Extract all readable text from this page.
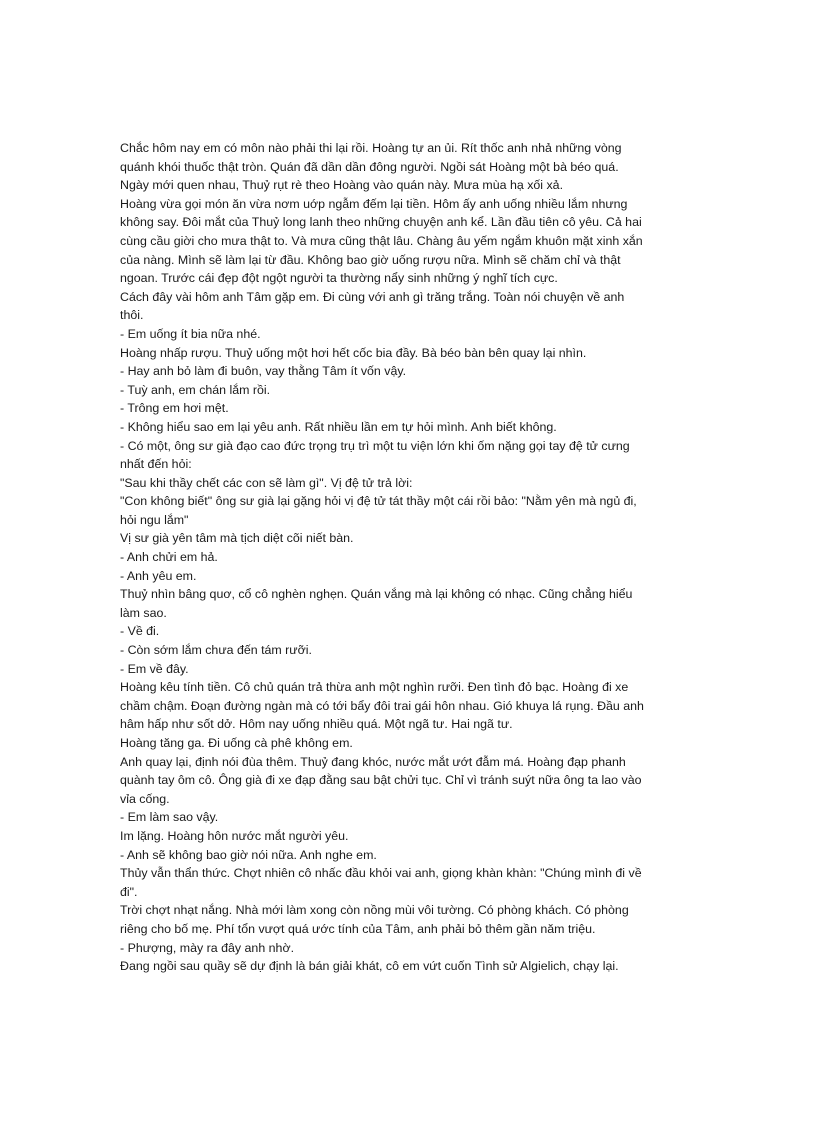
Chắc hôm nay em có môn nào phải thi lại rồi. Hoàng tự an ủi. Rít thốc anh nhả những vòng

quánh khói thuốc thật tròn. Quán đã dần dần đông người. Ngồi sát Hoàng một bà béo quá.

Ngày mới quen nhau, Thuỷ rụt rè theo Hoàng vào quán này. Mưa mùa hạ xối xả.

Hoàng vừa gọi món ăn vừa nơm uớp ngẫm đếm lại tiền. Hôm ấy anh uống nhiều lắm nhưng

không say. Đôi mắt của Thuỷ long lanh theo những chuyện anh kể. Lần đầu tiên cô yêu. Cả hai

cùng cầu giời cho mưa thật to. Và mưa cũng thật lâu. Chàng âu yếm ngắm khuôn mặt xinh xắn

của nàng. Mình sẽ làm lại từ đầu. Không bao giờ uống rượu nữa. Mình sẽ chăm chỉ và thật

ngoan. Trước cái đẹp đột ngột người ta thường nẩy sinh những ý nghĩ tích cực.

Cách đây vài hôm anh Tâm gặp em. Đi cùng với anh gì trăng trắng. Toàn nói chuyện về anh

thôi.

- Em uống ít bia nữa nhé.

Hoàng nhấp rượu. Thuỷ uống một hơi hết cốc bia đầy. Bà béo bàn bên quay lại nhìn.

- Hay anh bỏ làm đi buôn, vay thằng Tâm ít vốn vậy.

- Tuỳ anh, em chán lắm rồi.

- Trông em hơi mệt.

- Không hiểu sao em lại yêu anh. Rất nhiều lần em tự hỏi mình. Anh biết không.

- Có một, ông sư già đạo cao đức trọng trụ trì một tu viện lớn khi ốm nặng gọi tay đệ tử cưng

nhất đến hỏi:

"Sau khi thầy chết các con sẽ làm gì". Vị đệ tử trả lời:

"Con không biết" ông sư già lại gặng hỏi vị đệ tử tát thầy một cái rồi bảo: "Nằm yên mà ngủ đi,

hỏi ngu lắm"

Vị sư già yên tâm mà tịch diệt cõi niết bàn.

- Anh chửi em hả.

- Anh yêu em.

Thuỷ nhìn bâng quơ, cổ cô nghèn nghẹn. Quán vắng mà lại không có nhạc. Cũng chẳng hiểu

làm sao.

- Về đi.

- Còn sớm lắm chưa đến tám rưỡi.

- Em về đây.

Hoàng kêu tính tiền. Cô chủ quán trả thừa anh một nghìn rưỡi. Đen tình đỏ bạc. Hoàng đi xe

chầm chậm. Đoạn đường ngàn mà có tới bẩy đôi trai gái hôn nhau. Gió khuya lá rụng. Đầu anh

hâm hấp như sốt dở. Hôm nay uống nhiều quá. Một ngã tư. Hai ngã tư.

Hoàng tăng ga. Đi uống cà phê không em.

Anh quay lại, định nói đùa thêm. Thuỷ đang khóc, nước mắt ướt đẫm má. Hoàng đạp phanh

quành tay ôm cô. Ông già đi xe đạp đằng sau bật chửi tục. Chỉ vì tránh suýt nữa ông ta lao vào

vỉa cống.

- Em làm sao vậy.

Im lặng. Hoàng hôn nước mắt người yêu.

- Anh sẽ không bao giờ nói nữa. Anh nghe em.

Thủy vẫn thẩn thức. Chợt nhiên cô nhấc đầu khỏi vai anh, giọng khàn khàn: "Chúng mình đi về

đi".

Trời chợt nhạt nắng. Nhà mới làm xong còn nồng mùi vôi tường. Có phòng khách. Có phòng

riêng cho bố mẹ. Phí tổn vượt quá ước tính của Tâm, anh phải bỏ thêm gần năm triệu.

- Phượng, mày ra đây anh nhờ.

Đang ngồi sau quầy sẽ dự định là bán giải khát, cô em vứt cuốn Tình sử Algielich, chạy lại.
